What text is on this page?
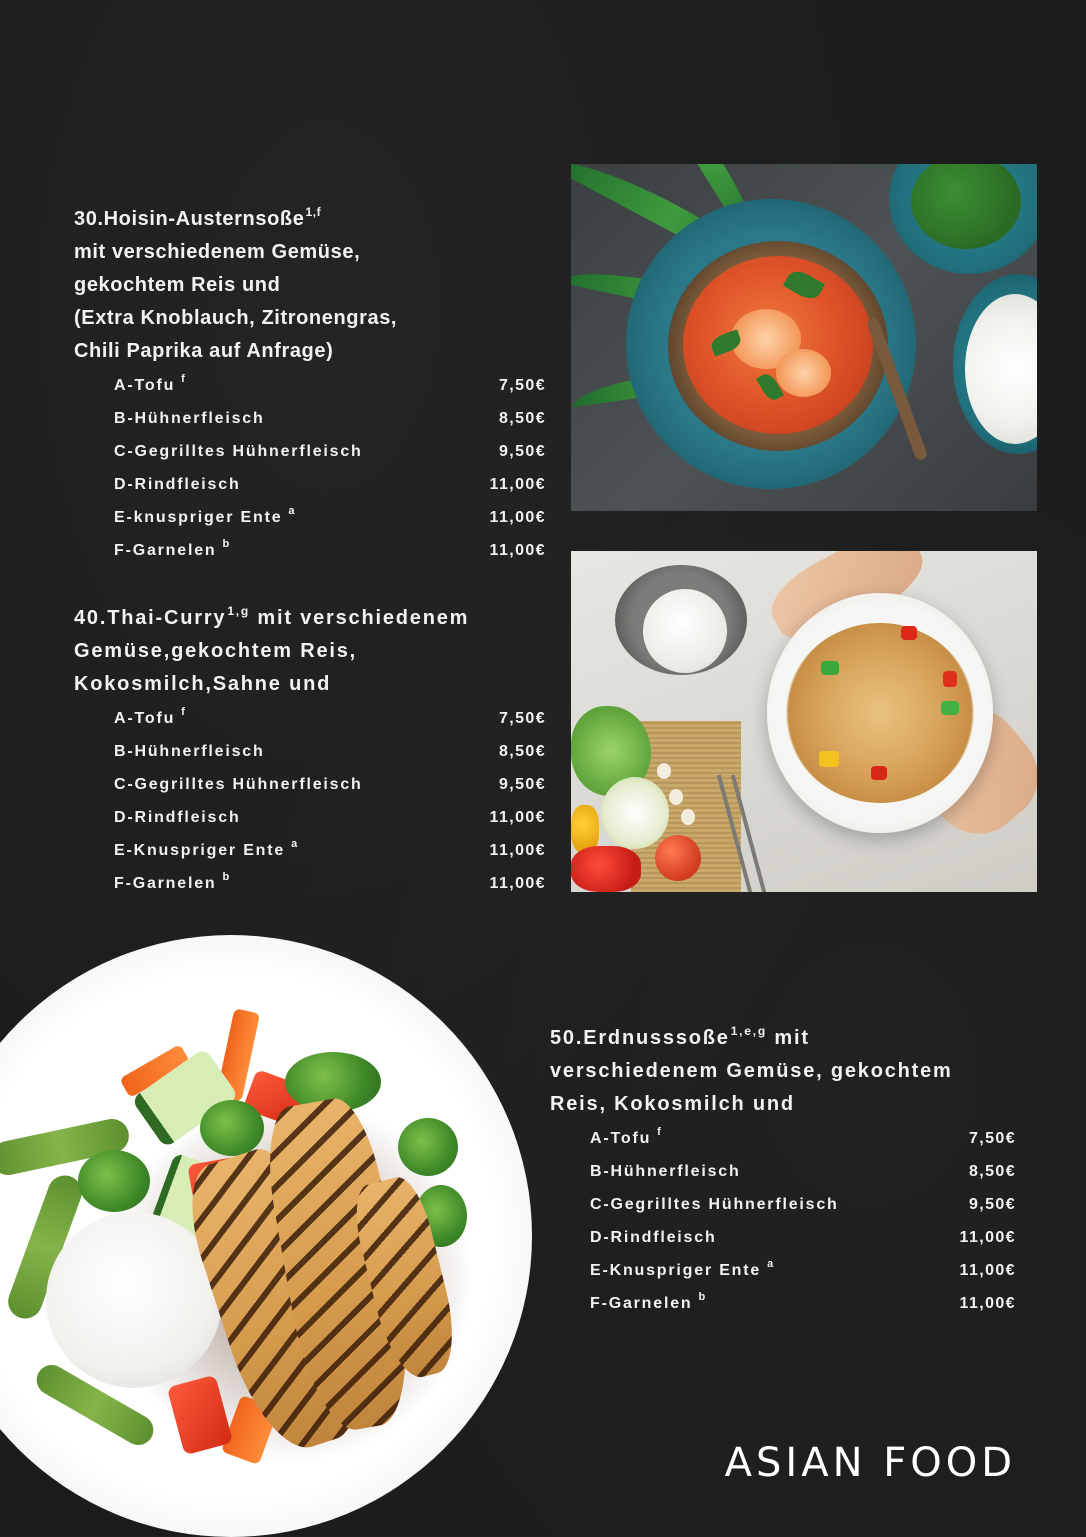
30.Hoisin-Austernsoße$^{1,f}$
mit verschiedenem Gemüse,
gekochtem Reis und
(Extra Knoblauch, Zitronengras,
Chili Paprika auf Anfrage)
A-Tofu $^f$	7,50€
B-Hühnerfleisch	8,50€
C-Gegrilltes Hühnerfleisch	9,50€
D-Rindfleisch	11,00€
E-knuspriger Ente $^a$	11,00€
F-Garnelen $^b$	11,00€
40.Thai-Curry$^{1,g}$ mit verschiedenem
Gemüse,gekochtem Reis,
Kokosmilch,Sahne und
A-Tofu $^f$	7,50€
B-Hühnerfleisch	8,50€
C-Gegrilltes Hühnerfleisch	9,50€
D-Rindfleisch	11,00€
E-Knuspriger Ente $^a$	11,00€
F-Garnelen $^b$	11,00€
50.Erdnusssoße$^{1,e,g}$ mit
verschiedenem Gemüse, gekochtem
Reis, Kokosmilch und
A-Tofu $^f$	7,50€
B-Hühnerfleisch	8,50€
C-Gegrilltes Hühnerfleisch	9,50€
D-Rindfleisch	11,00€
E-Knuspriger Ente $^a$	11,00€
F-Garnelen $^b$	11,00€
ASIAN FOOD
